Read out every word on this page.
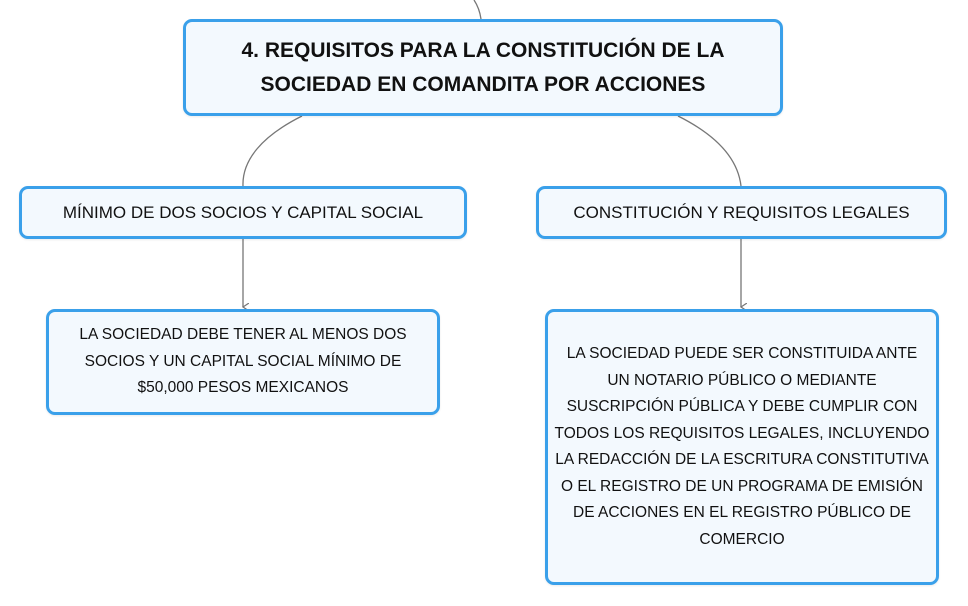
4. REQUISITOS PARA LA CONSTITUCIÓN DE LA SOCIEDAD EN COMANDITA POR ACCIONES
MÍNIMO DE DOS SOCIOS Y CAPITAL SOCIAL	CONSTITUCIÓN Y REQUISITOS LEGALES
LA SOCIEDAD DEBE TENER AL MENOS DOS SOCIOS Y UN CAPITAL SOCIAL MÍNIMO DE $50,000 PESOS MEXICANOS
LA SOCIEDAD PUEDE SER CONSTITUIDA ANTE UN NOTARIO PÚBLICO O MEDIANTE SUSCRIPCIÓN PÚBLICA Y DEBE CUMPLIR CON TODOS LOS REQUISITOS LEGALES, INCLUYENDO LA REDACCIÓN DE LA ESCRITURA CONSTITUTIVA O EL REGISTRO DE UN PROGRAMA DE EMISIÓN DE ACCIONES EN EL REGISTRO PÚBLICO DE COMERCIO
